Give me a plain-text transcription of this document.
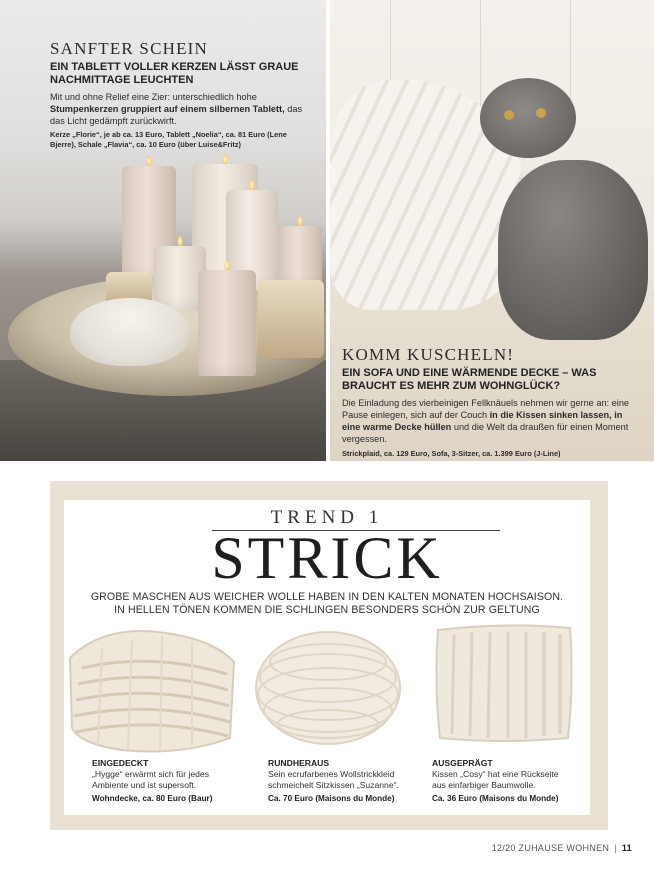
SANFTER SCHEIN
EIN TABLETT VOLLER KERZEN LÄSST GRAUE NACHMITTAGE LEUCHTEN
Mit und ohne Relief eine Zier: unterschiedlich hohe Stumpenkerzen gruppiert auf einem silbernen Tablett, das das Licht gedämpft zurückwirft.
Kerze „Florie“, je ab ca. 13 Euro, Tablett „Noelia“, ca. 81 Euro (Lene Bjerre), Schale „Flavia“, ca. 10 Euro (über Luise&Fritz)
KOMM KUSCHELN!
EIN SOFA UND EINE WÄRMENDE DECKE – WAS BRAUCHT ES MEHR ZUM WOHNGLÜCK?
Die Einladung des vierbeinigen Fellknäuels nehmen wir gerne an: eine Pause einlegen, sich auf der Couch in die Kissen sinken lassen, in eine warme Decke hüllen und die Welt da draußen für einen Moment vergessen.
Strickplaid, ca. 129 Euro, Sofa, 3-Sitzer, ca. 1.399 Euro (J-Line)
TREND 1
STRICK
GROBE MASCHEN AUS WEICHER WOLLE HABEN IN DEN KALTEN MONATEN HOCHSAISON.
IN HELLEN TÖNEN KOMMEN DIE SCHLINGEN BESONDERS SCHÖN ZUR GELTUNG
EINGEDECKT
„Hygge“ erwärmt sich für jedes
Ambiente und ist supersoft.
Wohndecke, ca. 80 Euro (Baur)
RUNDHERAUS
Sein ecrufarbenes Wollstrickkleid
schmeichelt Sitzkissen „Suzanne“.
Ca. 70 Euro (Maisons du Monde)
AUSGEPRÄGT
Kissen „Cosy“ hat eine Rückseite
aus einfarbiger Baumwolle.
Ca. 36 Euro (Maisons du Monde)
12/20 ZUHAUSE WOHNEN | 11
